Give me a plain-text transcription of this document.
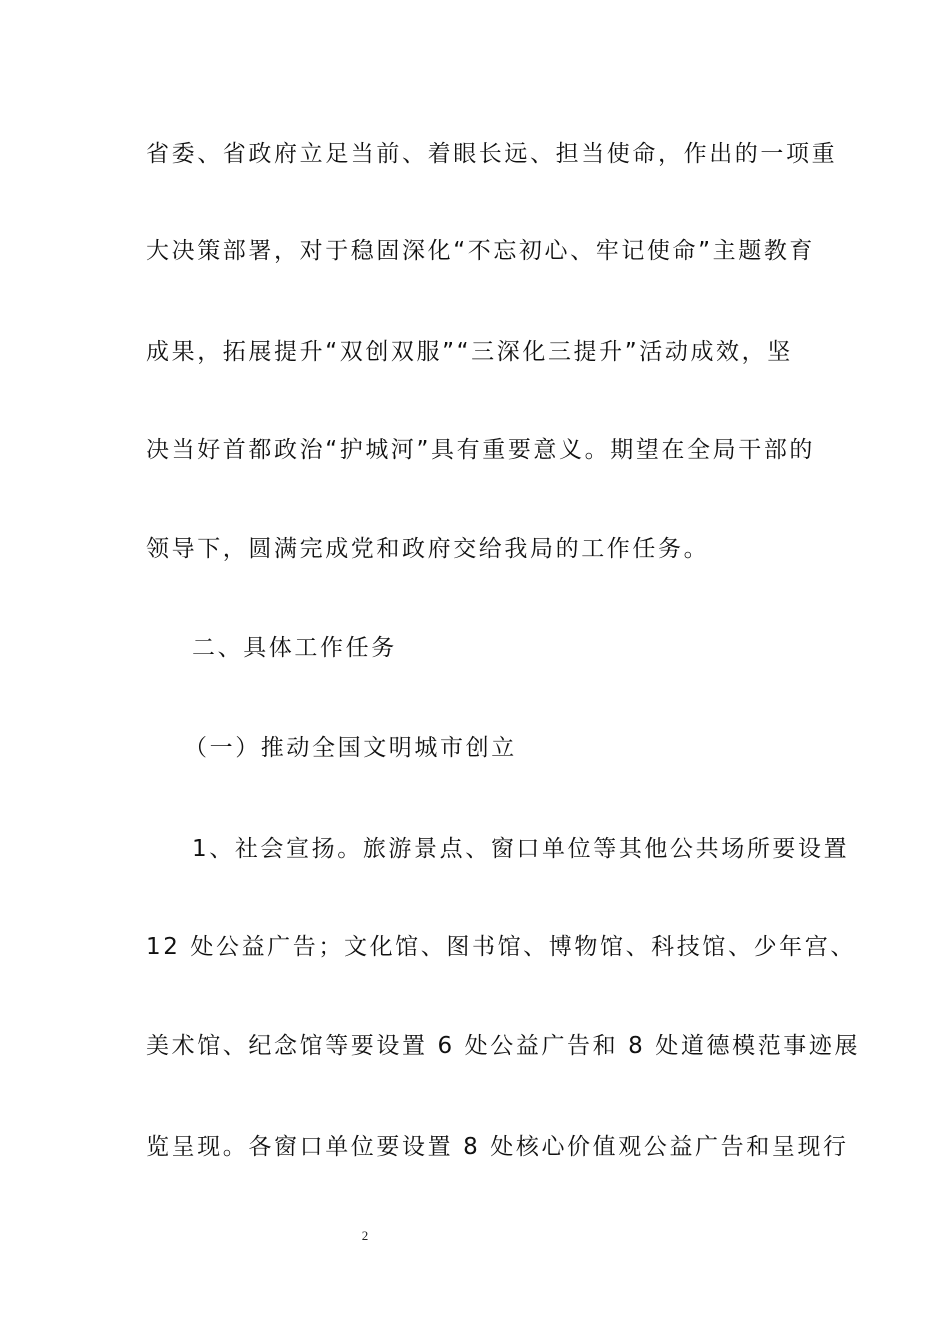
省委、省政府立足当前、着眼长远、担当使命，作出的一项重
大决策部署，对于稳固深化“不忘初心、牢记使命”主题教育
成果，拓展提升“双创双服”“三深化三提升”活动成效，坚
决当好首都政治“护城河”具有重要意义。期望在全局干部的
领导下，圆满完成党和政府交给我局的工作任务。
二、具体工作任务
（一）推动全国文明城市创立
1、社会宣扬。旅游景点、窗口单位等其他公共场所要设置
12 处公益广告；文化馆、图书馆、博物馆、科技馆、少年宫、
美术馆、纪念馆等要设置 6 处公益广告和 8 处道德模范事迹展
览呈现。各窗口单位要设置 8 处核心价值观公益广告和呈现行
2
